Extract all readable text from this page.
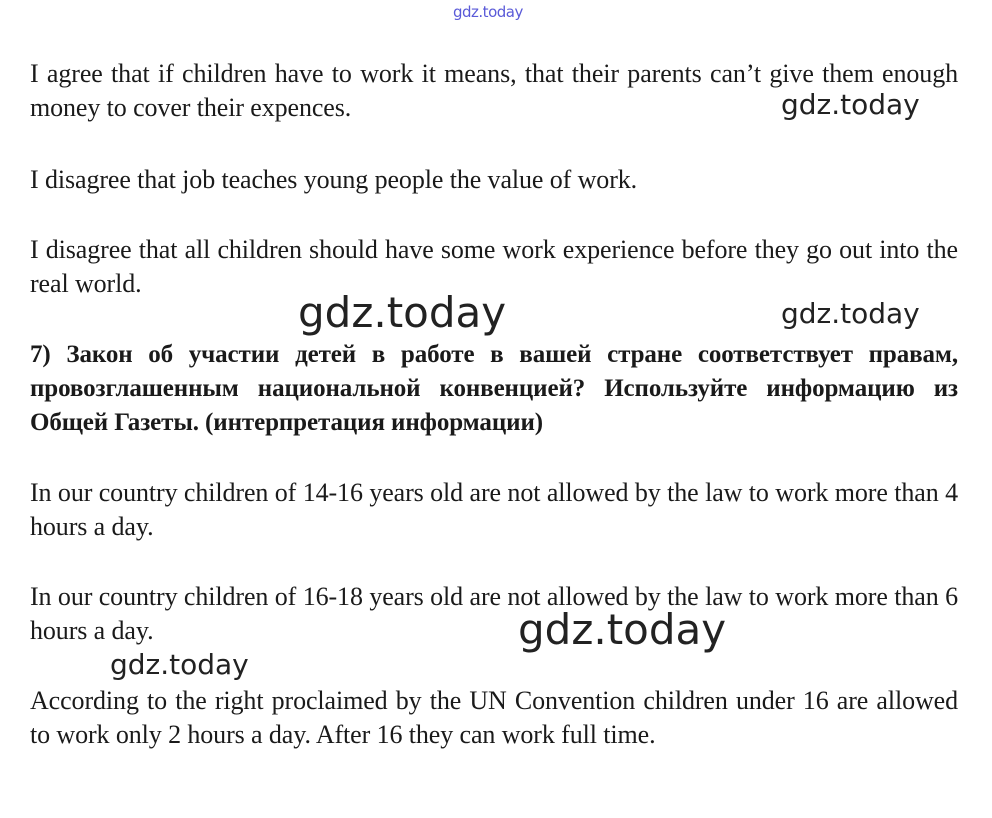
gdz.today

I agree that if children have to work it means, that their parents can’t give them enough money to cover their expences.	gdz.today

I disagree that job teaches young people the value of work.

I disagree that all children should have some work experience before they go out into the real world.

gdz.today	gdz.today

7) Закон об участии детей в работе в вашей стране соответствует правам, провозглашенным национальной конвенцией? Используйте информацию из Общей Газеты. (интерпретация информации)

In our country children of 14-16 years old are not allowed by the law to work more than 4 hours a day.

In our country children of 16-18 years old are not allowed by the law to work more than 6 hours a day.	gdz.today
gdz.today

According to the right proclaimed by the UN Convention children under 16 are allowed to work only 2 hours a day. After 16 they can work full time.
